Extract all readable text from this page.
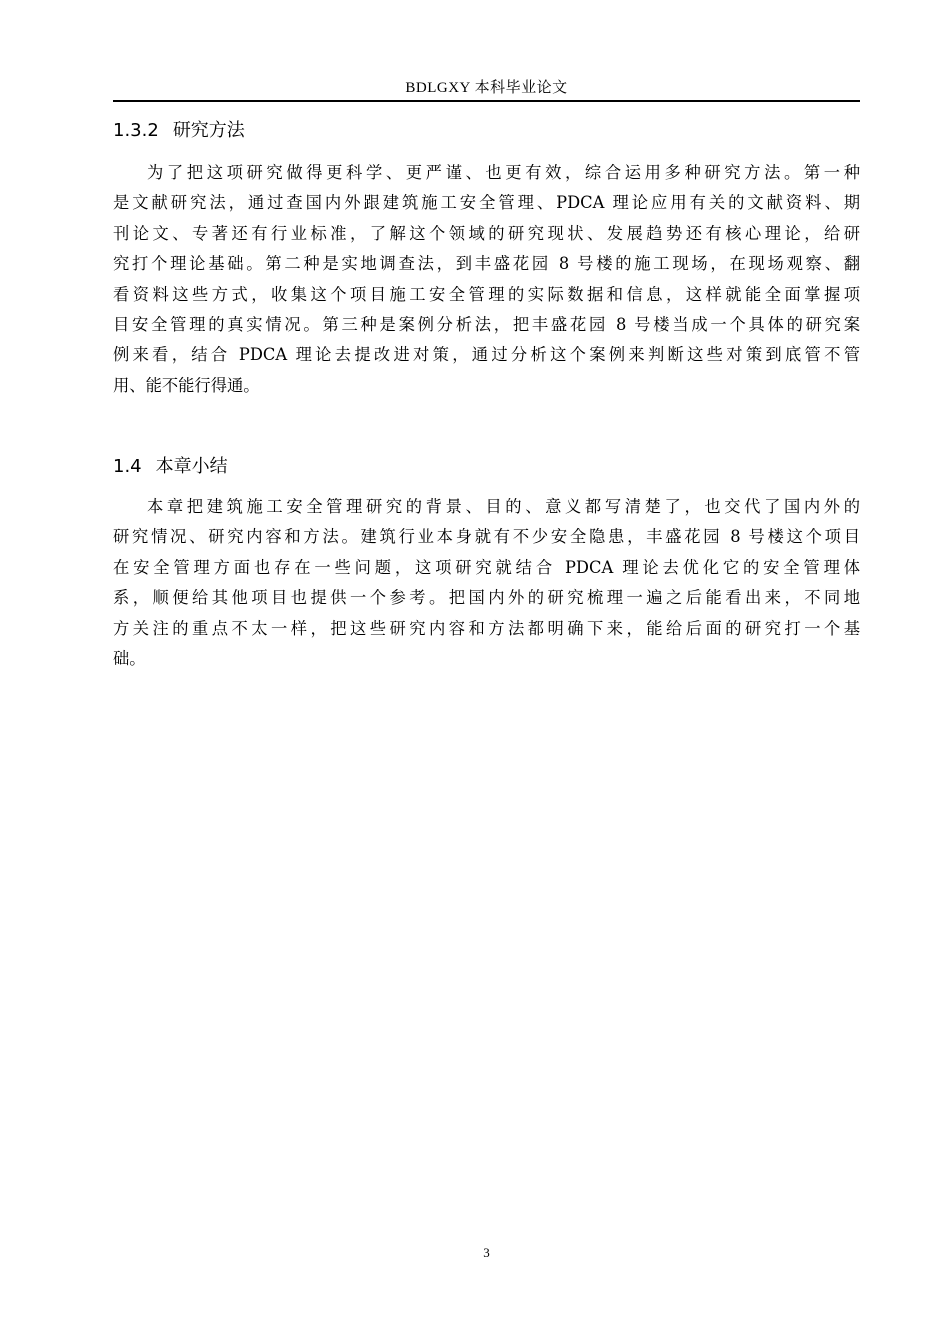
BDLGXY 本科毕业论文
1.3.2 研究方法
为了把这项研究做得更科学、更严谨、也更有效，综合运用多种研究方法。第一种
是文献研究法，通过查国内外跟建筑施工安全管理、PDCA 理论应用有关的文献资料、期
刊论文、专著还有行业标准，了解这个领域的研究现状、发展趋势还有核心理论，给研
究打个理论基础。第二种是实地调查法，到丰盛花园 8 号楼的施工现场，在现场观察、翻
看资料这些方式，收集这个项目施工安全管理的实际数据和信息，这样就能全面掌握项
目安全管理的真实情况。第三种是案例分析法，把丰盛花园 8 号楼当成一个具体的研究案
例来看，结合 PDCA 理论去提改进对策，通过分析这个案例来判断这些对策到底管不管
用、能不能行得通。
1.4 本章小结
本章把建筑施工安全管理研究的背景、目的、意义都写清楚了，也交代了国内外的
研究情况、研究内容和方法。建筑行业本身就有不少安全隐患，丰盛花园 8 号楼这个项目
在安全管理方面也存在一些问题，这项研究就结合 PDCA 理论去优化它的安全管理体
系，顺便给其他项目也提供一个参考。把国内外的研究梳理一遍之后能看出来，不同地
方关注的重点不太一样，把这些研究内容和方法都明确下来，能给后面的研究打一个基
础。
3
